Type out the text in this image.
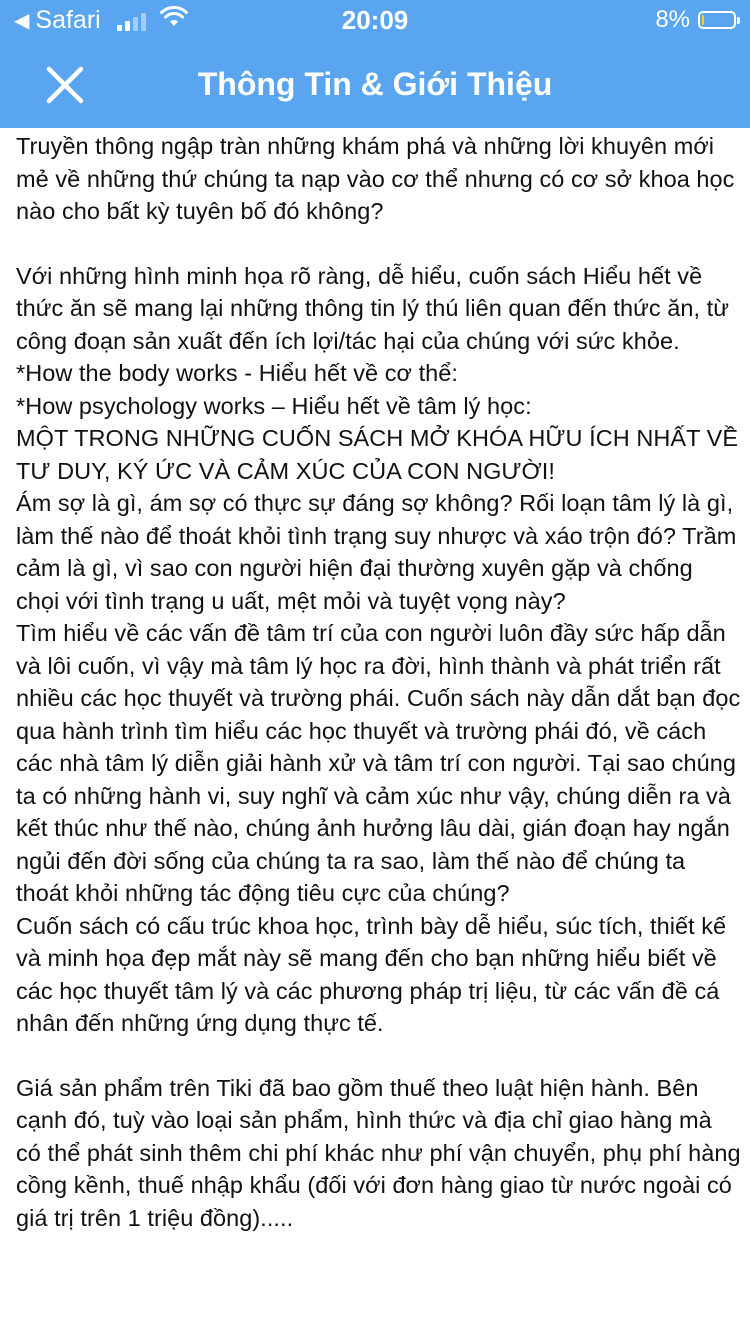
◀ Safari	20:09	8%
Thông Tin & Giới Thiệu

Truyền thông ngập tràn những khám phá và những lời khuyên mới mẻ về những thứ chúng ta nạp vào cơ thể nhưng có cơ sở khoa học nào cho bất kỳ tuyên bố đó không?

Với những hình minh họa rõ ràng, dễ hiểu, cuốn sách Hiểu hết về thức ăn sẽ mang lại những thông tin lý thú liên quan đến thức ăn, từ công đoạn sản xuất đến ích lợi/tác hại của chúng với sức khỏe.

*How the body works - Hiểu hết về cơ thể:

*How psychology works – Hiểu hết về tâm lý học:

MỘT TRONG NHỮNG CUỐN SÁCH MỞ KHÓA HỮU ÍCH NHẤT VỀ TƯ DUY, KÝ ỨC VÀ CẢM XÚC CỦA CON NGƯỜI!

Ám sợ là gì, ám sợ có thực sự đáng sợ không? Rối loạn tâm lý là gì, làm thế nào để thoát khỏi tình trạng suy nhược và xáo trộn đó? Trầm cảm là gì, vì sao con người hiện đại thường xuyên gặp và chống chọi với tình trạng u uất, mệt mỏi và tuyệt vọng này?

Tìm hiểu về các vấn đề tâm trí của con người luôn đầy sức hấp dẫn và lôi cuốn, vì vậy mà tâm lý học ra đời, hình thành và phát triển rất nhiều các học thuyết và trường phái. Cuốn sách này dẫn dắt bạn đọc qua hành trình tìm hiểu các học thuyết và trường phái đó, về cách các nhà tâm lý diễn giải hành xử và tâm trí con người. Tại sao chúng ta có những hành vi, suy nghĩ và cảm xúc như vậy, chúng diễn ra và kết thúc như thế nào, chúng ảnh hưởng lâu dài, gián đoạn hay ngắn ngủi đến đời sống của chúng ta ra sao, làm thế nào để chúng ta thoát khỏi những tác động tiêu cực của chúng?

Cuốn sách có cấu trúc khoa học, trình bày dễ hiểu, súc tích, thiết kế và minh họa đẹp mắt này sẽ mang đến cho bạn những hiểu biết về các học thuyết tâm lý và các phương pháp trị liệu, từ các vấn đề cá nhân đến những ứng dụng thực tế.

Giá sản phẩm trên Tiki đã bao gồm thuế theo luật hiện hành. Bên cạnh đó, tuỳ vào loại sản phẩm, hình thức và địa chỉ giao hàng mà có thể phát sinh thêm chi phí khác như phí vận chuyển, phụ phí hàng cồng kềnh, thuế nhập khẩu (đối với đơn hàng giao từ nước ngoài có giá trị trên 1 triệu đồng).....
